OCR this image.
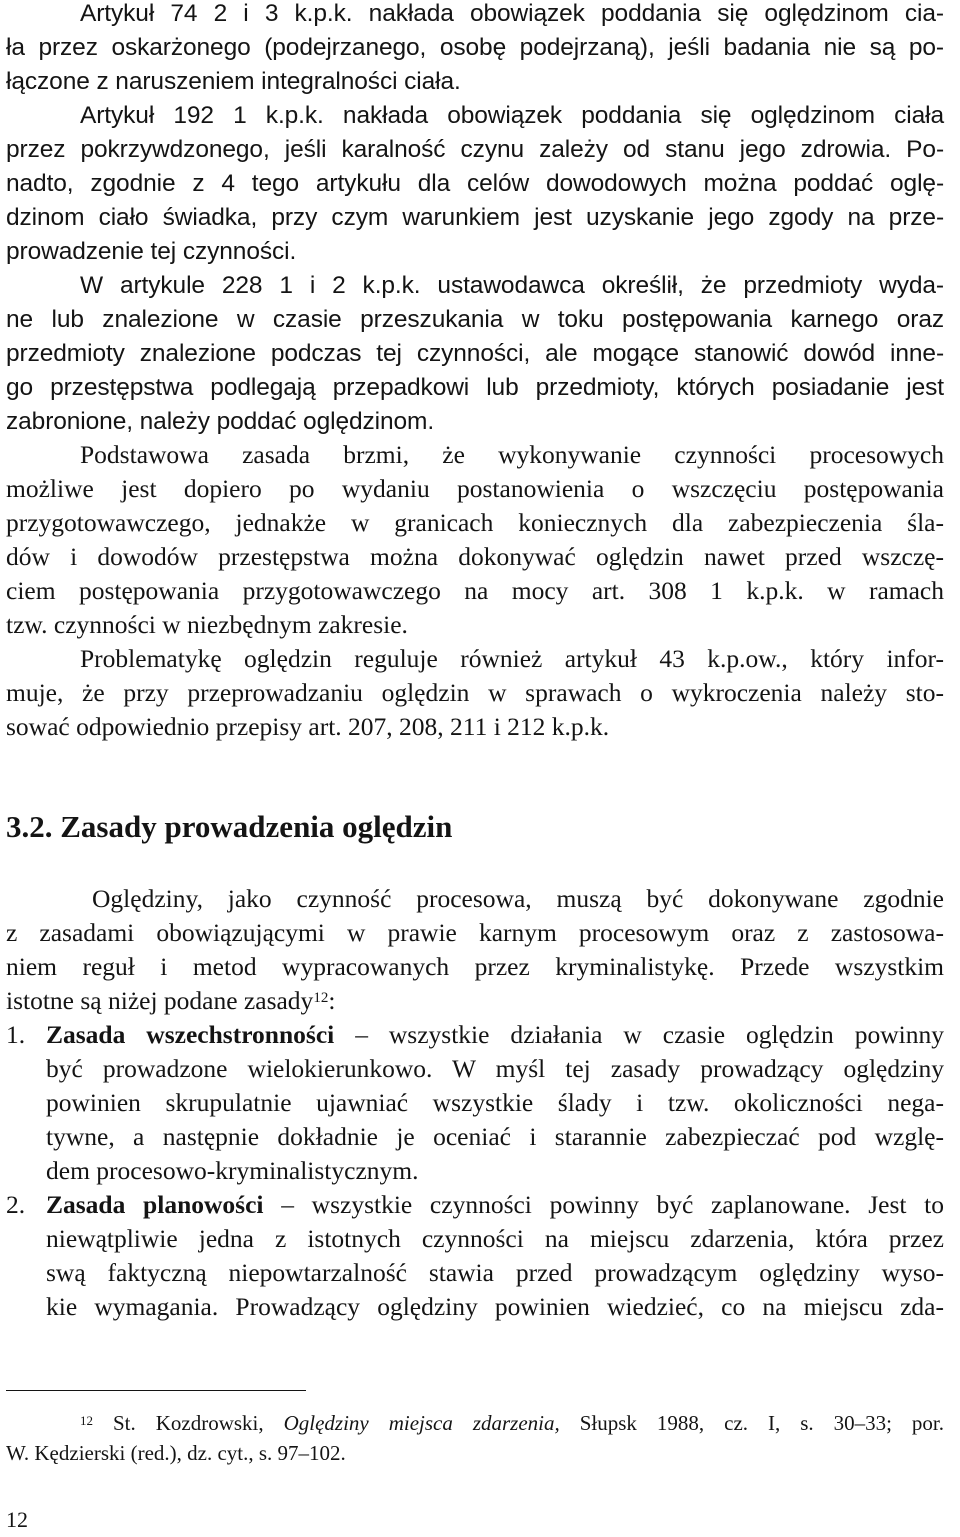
Artykuł 74 2 i 3 k.p.k. nakłada obowiązek poddania się oględzinom cia-
ła przez oskarżonego (podejrzanego, osobę podejrzaną), jeśli badania nie są po-
łączone z naruszeniem integralności ciała.
Artykuł 192 1 k.p.k. nakłada obowiązek poddania się oględzinom ciała
przez pokrzywdzonego, jeśli karalność czynu zależy od stanu jego zdrowia. Po-
nadto, zgodnie z 4 tego artykułu dla celów dowodowych można poddać oglę-
dzinom ciało świadka, przy czym warunkiem jest uzyskanie jego zgody na prze-
prowadzenie tej czynności.
W artykule 228 1 i 2 k.p.k. ustawodawca określił, że przedmioty wyda-
ne lub znalezione w czasie przeszukania w toku postępowania karnego oraz
przedmioty znalezione podczas tej czynności, ale mogące stanowić dowód inne-
go przestępstwa podlegają przepadkowi lub przedmioty, których posiadanie jest
zabronione, należy poddać oględzinom.
Podstawowa zasada brzmi, że wykonywanie czynności procesowych
możliwe jest dopiero po wydaniu postanowienia o wszczęciu postępowania
przygotowawczego, jednakże w granicach koniecznych dla zabezpieczenia śla-
dów i dowodów przestępstwa można dokonywać oględzin nawet przed wszczę-
ciem postępowania przygotowawczego na mocy art. 308 1 k.p.k. w ramach
tzw. czynności w niezbędnym zakresie.
Problematykę oględzin reguluje również artykuł 43 k.p.ow., który infor-
muje, że przy przeprowadzaniu oględzin w sprawach o wykroczenia należy sto-
sować odpowiednio przepisy art. 207, 208, 211 i 212 k.p.k.
3.2. Zasady prowadzenia oględzin
Oględziny, jako czynność procesowa, muszą być dokonywane zgodnie
z zasadami obowiązującymi w prawie karnym procesowym oraz z zastosowa-
niem reguł i metod wypracowanych przez kryminalistykę. Przede wszystkim
istotne są niżej podane zasady$^{12}$:
1. Zasada wszechstronności – wszystkie działania w czasie oględzin powinny
być prowadzone wielokierunkowo. W myśl tej zasady prowadzący oględziny
powinien skrupulatnie ujawniać wszystkie ślady i tzw. okoliczności nega-
tywne, a następnie dokładnie je oceniać i starannie zabezpieczać pod wzglę-
dem procesowo-kryminalistycznym.
2. Zasada planowości – wszystkie czynności powinny być zaplanowane. Jest to
niewątpliwie jedna z istotnych czynności na miejscu zdarzenia, która przez
swą faktyczną niepowtarzalność stawia przed prowadzącym oględziny wyso-
kie wymagania. Prowadzący oględziny powinien wiedzieć, co na miejscu zda-
$^{12}$ St. Kozdrowski, Oględziny miejsca zdarzenia, Słupsk 1988, cz. I, s. 30–33; por.
W. Kędzierski (red.), dz. cyt., s. 97–102.
12
